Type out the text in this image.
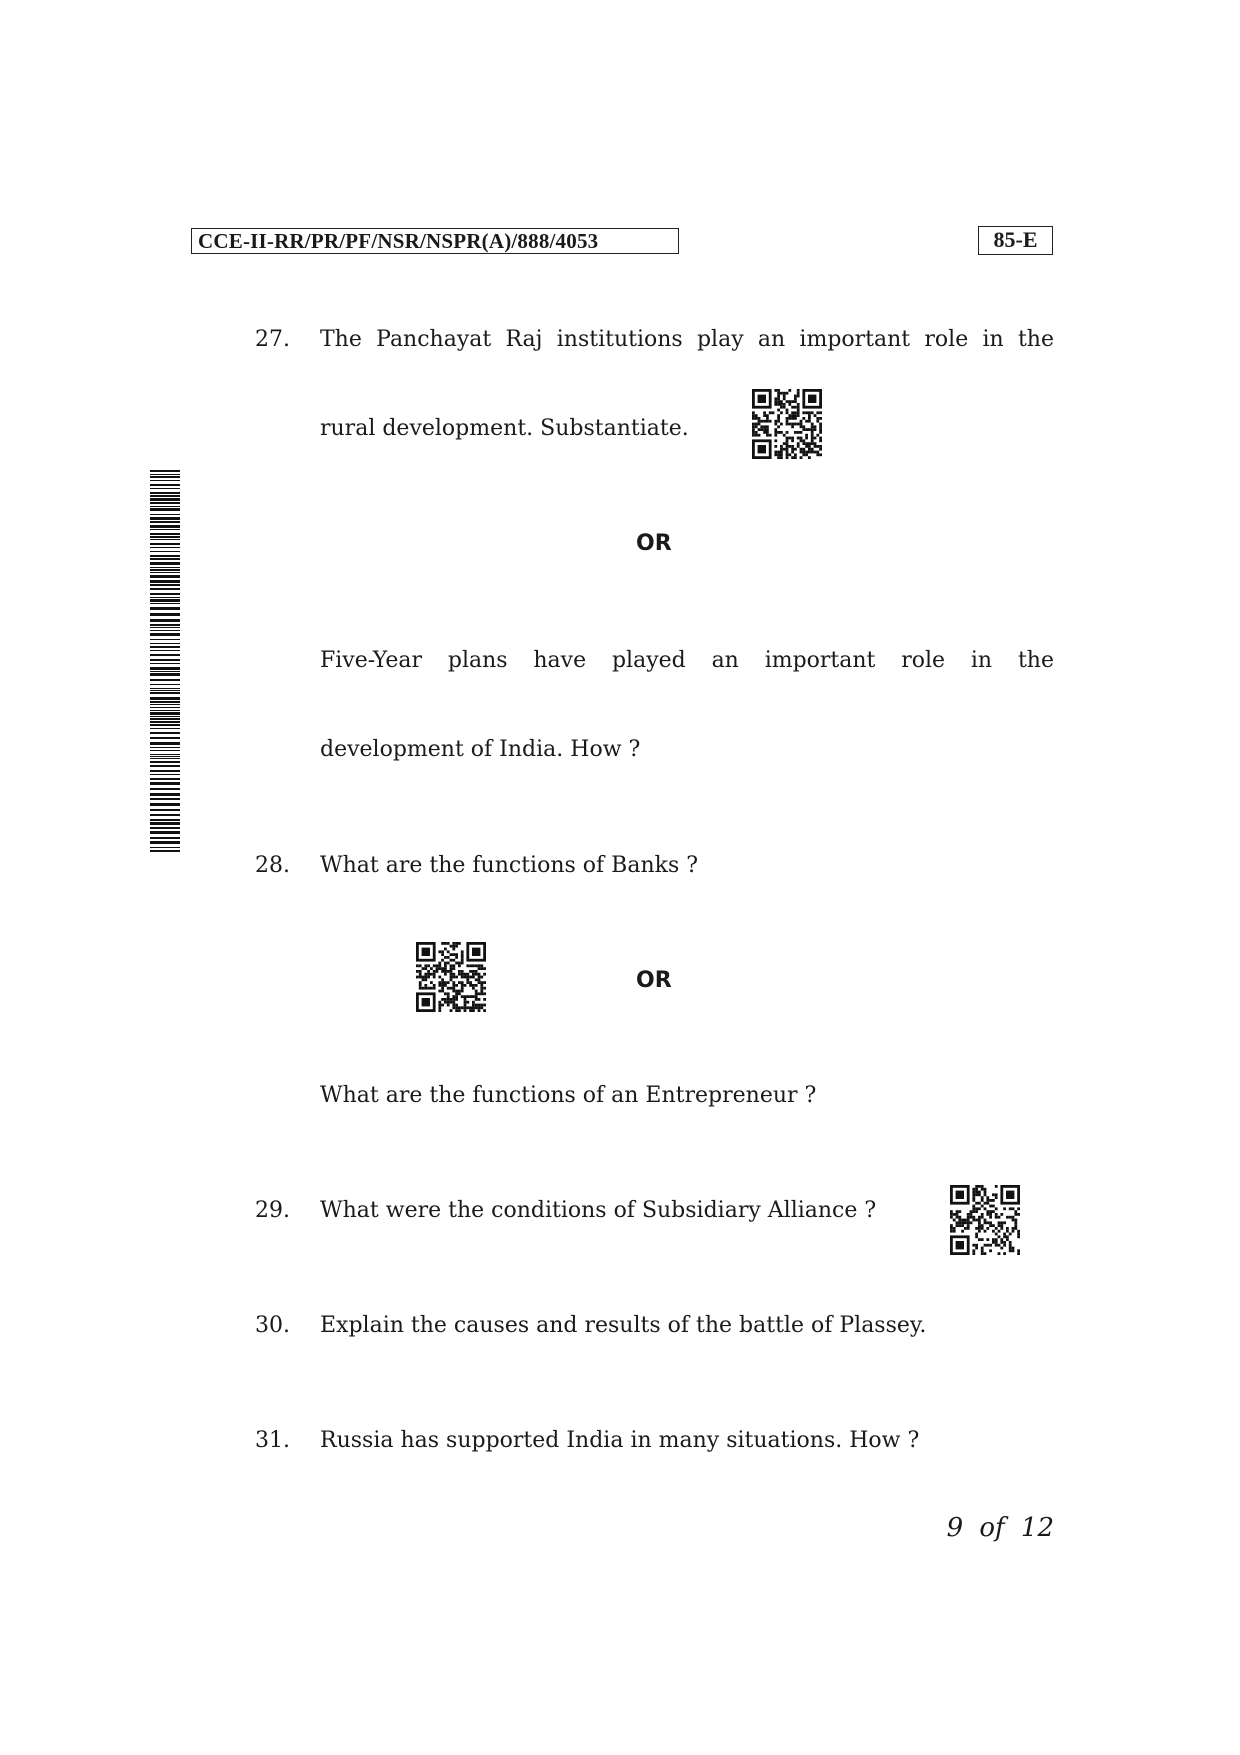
CCE-II-RR/PR/PF/NSR/NSPR(A)/888/4053	85-E
27. The Panchayat Raj institutions play an important role in the
rural development. Substantiate.
OR
Five-Year plans have played an important role in the
development of India. How ?
28. What are the functions of Banks ?
OR
What are the functions of an Entrepreneur ?
29. What were the conditions of Subsidiary Alliance ?
30. Explain the causes and results of the battle of Plassey.
31. Russia has supported India in many situations. How ?
9 of 12
